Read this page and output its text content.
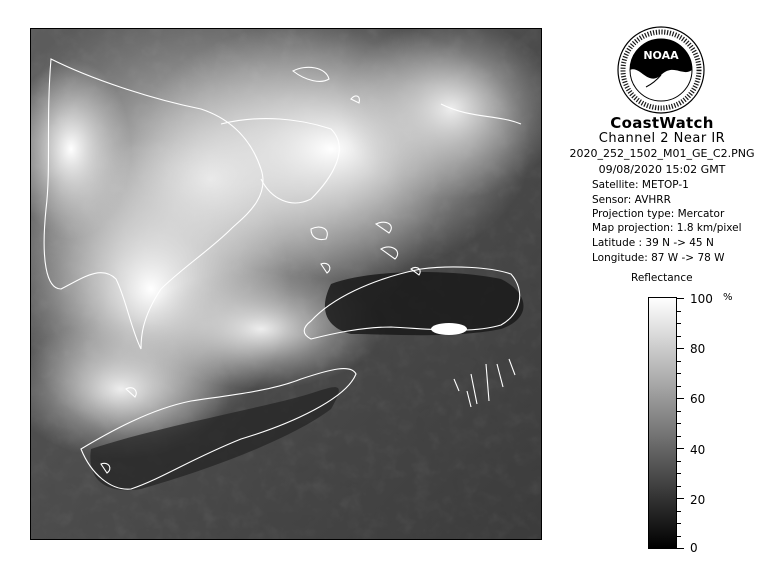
NOAA
CoastWatch
Channel 2 Near IR
2020_252_1502_M01_GE_C2.PNG
09/08/2020 15:02 GMT
Satellite: METOP-1
Sensor: AVHRR
Projection type: Mercator
Map projection: 1.8 km/pixel
Latitude : 39 N -> 45 N
Longitude: 87 W -> 78 W
Reflectance
%
100
80
60
40
20
0
